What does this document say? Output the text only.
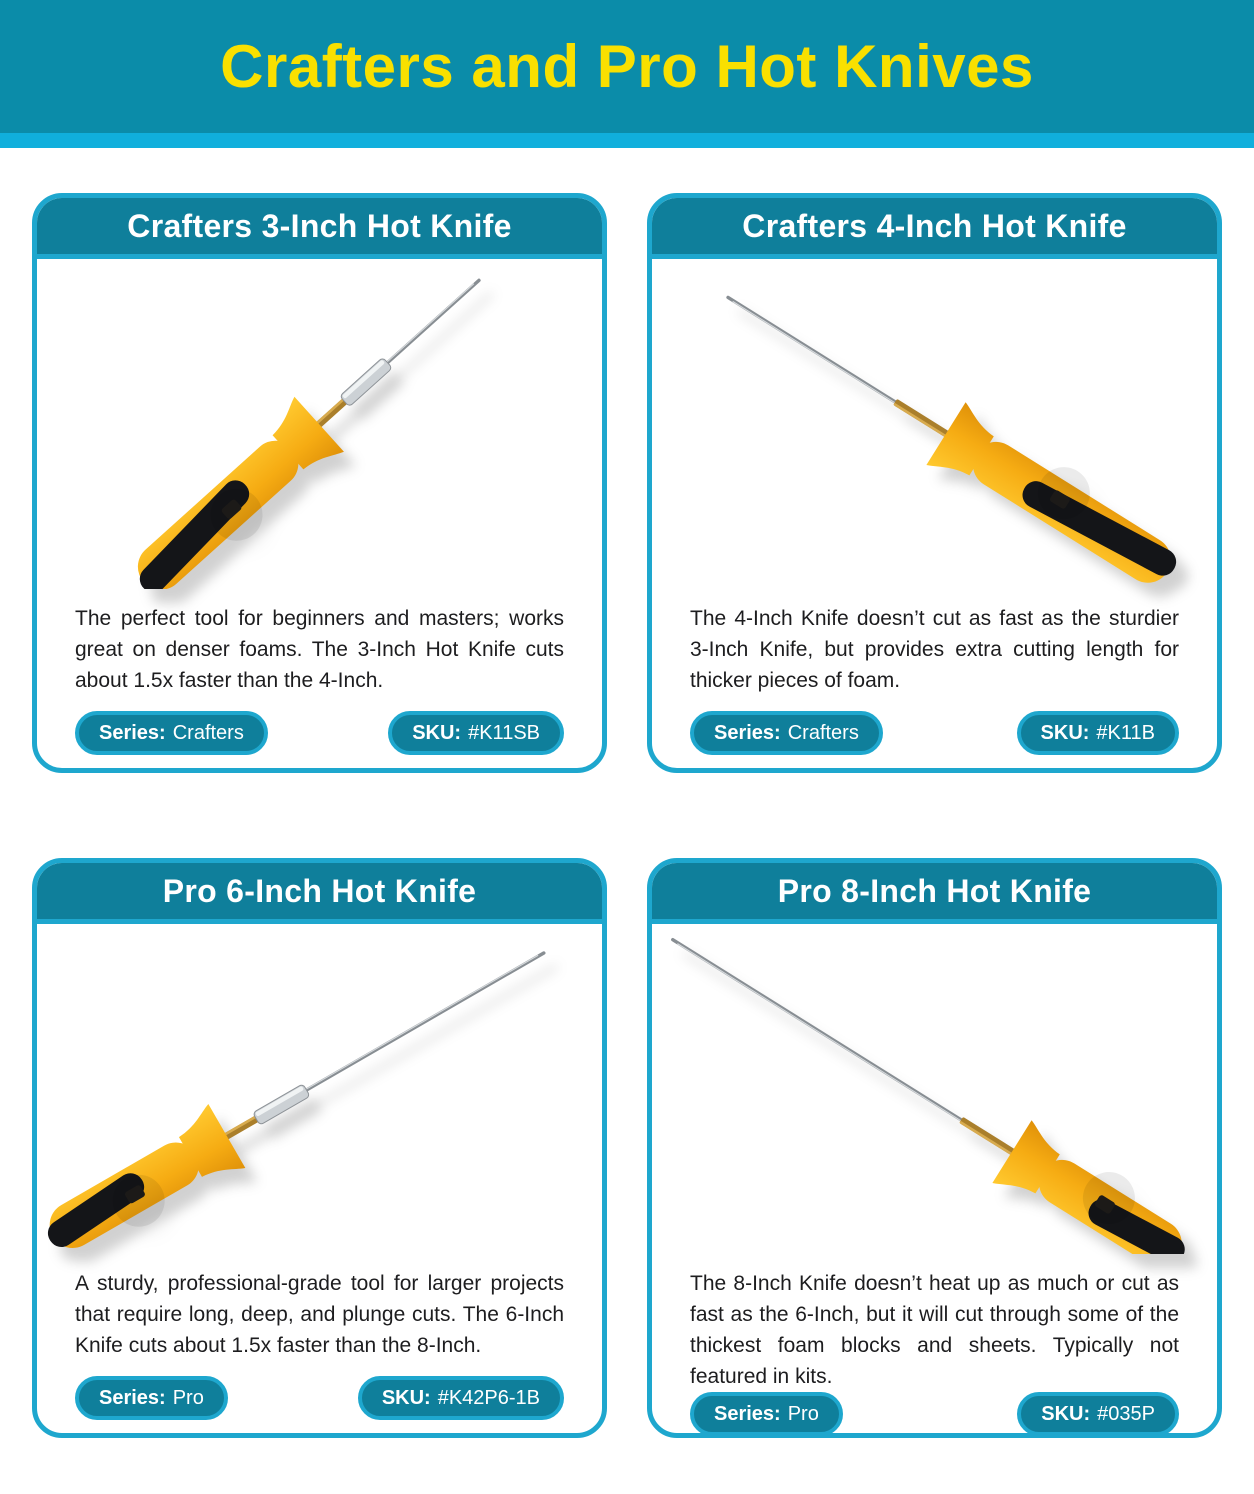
Crafters and Pro Hot Knives
Crafters 3-Inch Hot Knife

The perfect tool for beginners and masters; works great on denser foams. The 3-Inch Hot Knife cuts about 1.5x faster than the 4-Inch.

Series: Crafters	SKU: #K11SB
Crafters 4-Inch Hot Knife

The 4-Inch Knife doesn’t cut as fast as the sturdier 3-Inch Knife, but provides extra cutting length for thicker pieces of foam.

Series: Crafters	SKU: #K11B
Pro 6-Inch Hot Knife

A sturdy, professional-grade tool for larger projects that require long, deep, and plunge cuts. The 6-Inch Knife cuts about 1.5x faster than the 8-Inch.

Series: Pro	SKU: #K42P6-1B
Pro 8-Inch Hot Knife

The 8-Inch Knife doesn’t heat up as much or cut as fast as the 6-Inch, but it will cut through some of the thickest foam blocks and sheets. Typically not featured in kits.

Series: Pro	SKU: #035P
